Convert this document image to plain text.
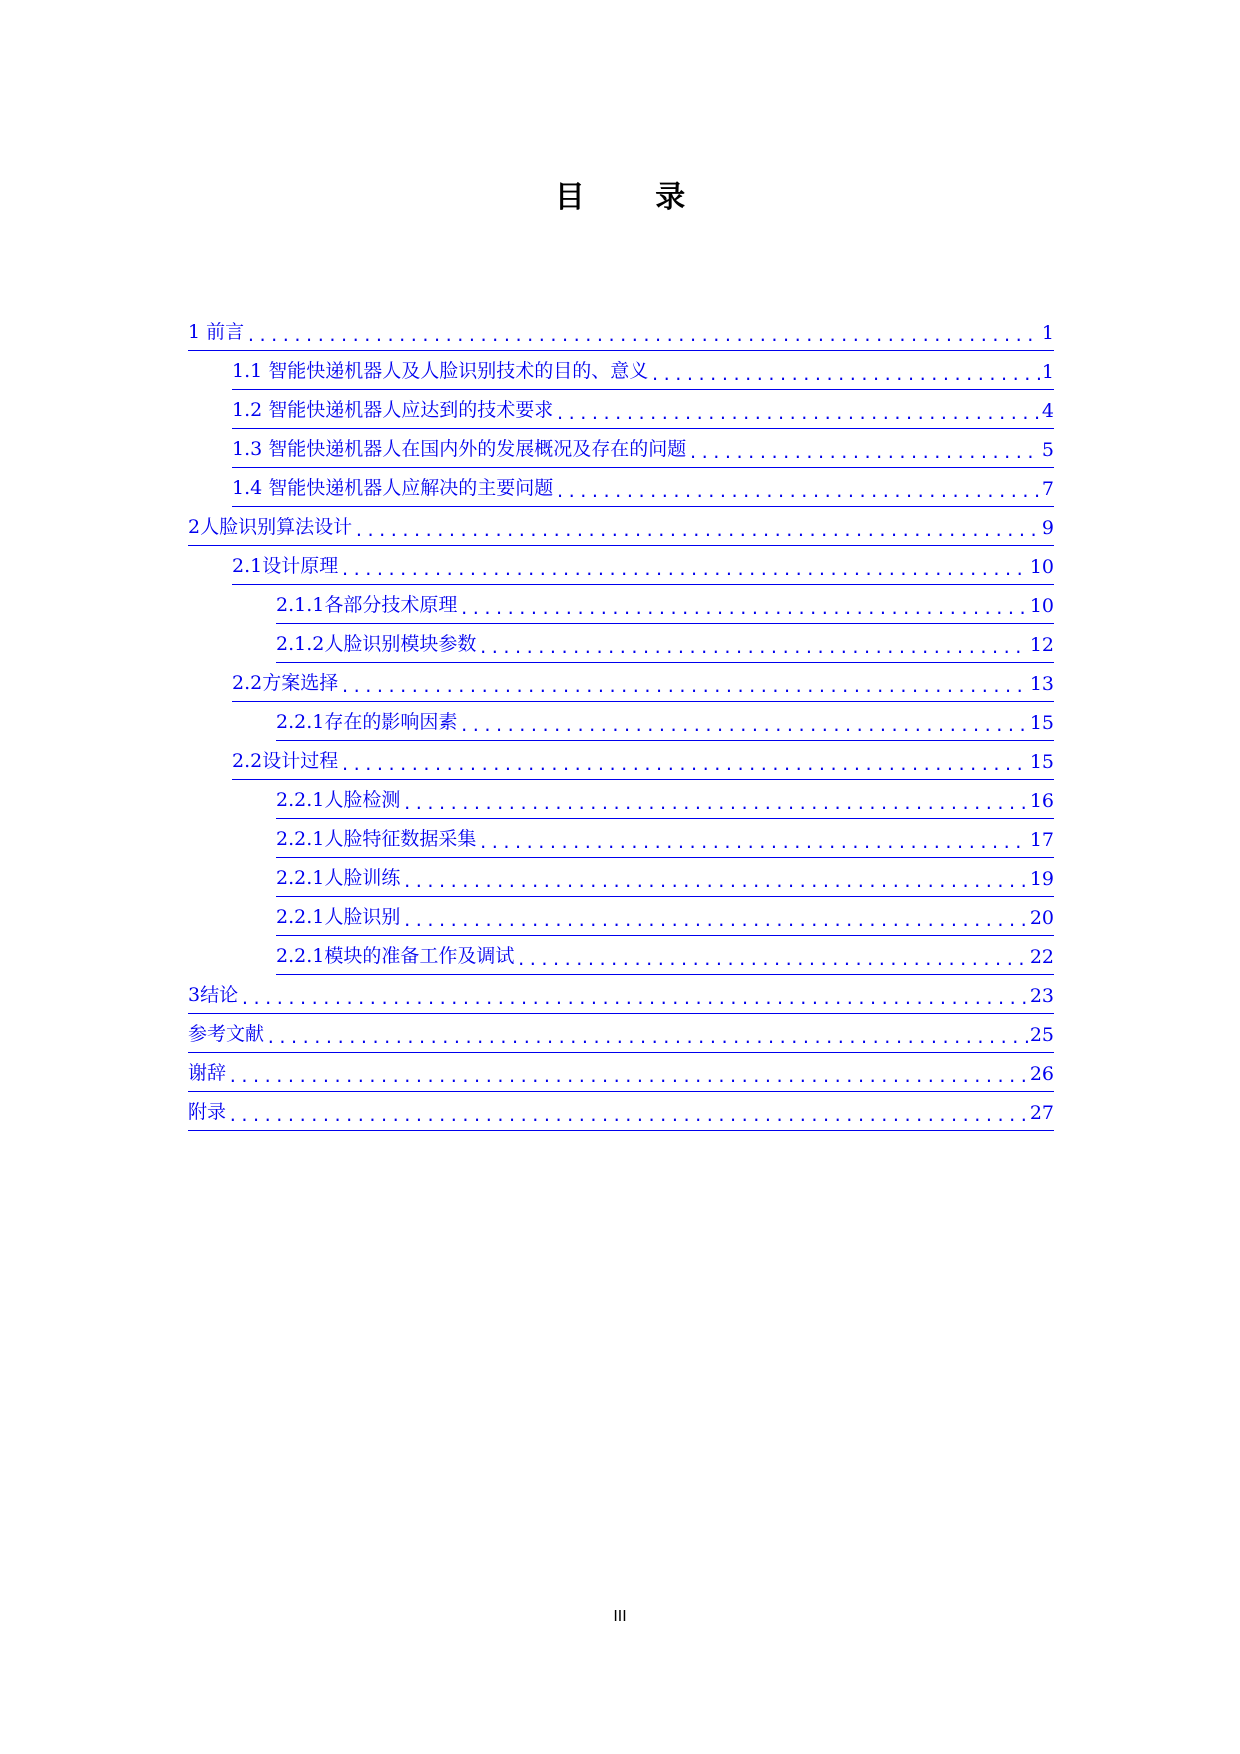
目 录
1 前言 .....	1
1.1 智能快递机器人及人脸识别技术的目的、意义 .....	1
1.2 智能快递机器人应达到的技术要求 .....	4
1.3 智能快递机器人在国内外的发展概况及存在的问题 .....	5
1.4 智能快递机器人应解决的主要问题 .....	7
2人脸识别算法设计 .....	9
2.1设计原理 .....	10
2.1.1各部分技术原理 .....	10
2.1.2人脸识别模块参数 .....	12
2.2方案选择 .....	13
2.2.1存在的影响因素 .....	15
2.2设计过程 .....	15
2.2.1人脸检测 .....	16
2.2.1人脸特征数据采集 .....	17
2.2.1人脸训练 .....	19
2.2.1人脸识别 .....	20
2.2.1模块的准备工作及调试 .....	22
3结论 .....	23
参考文献 .....	25
谢辞 .....	26
附录 .....	27
III
